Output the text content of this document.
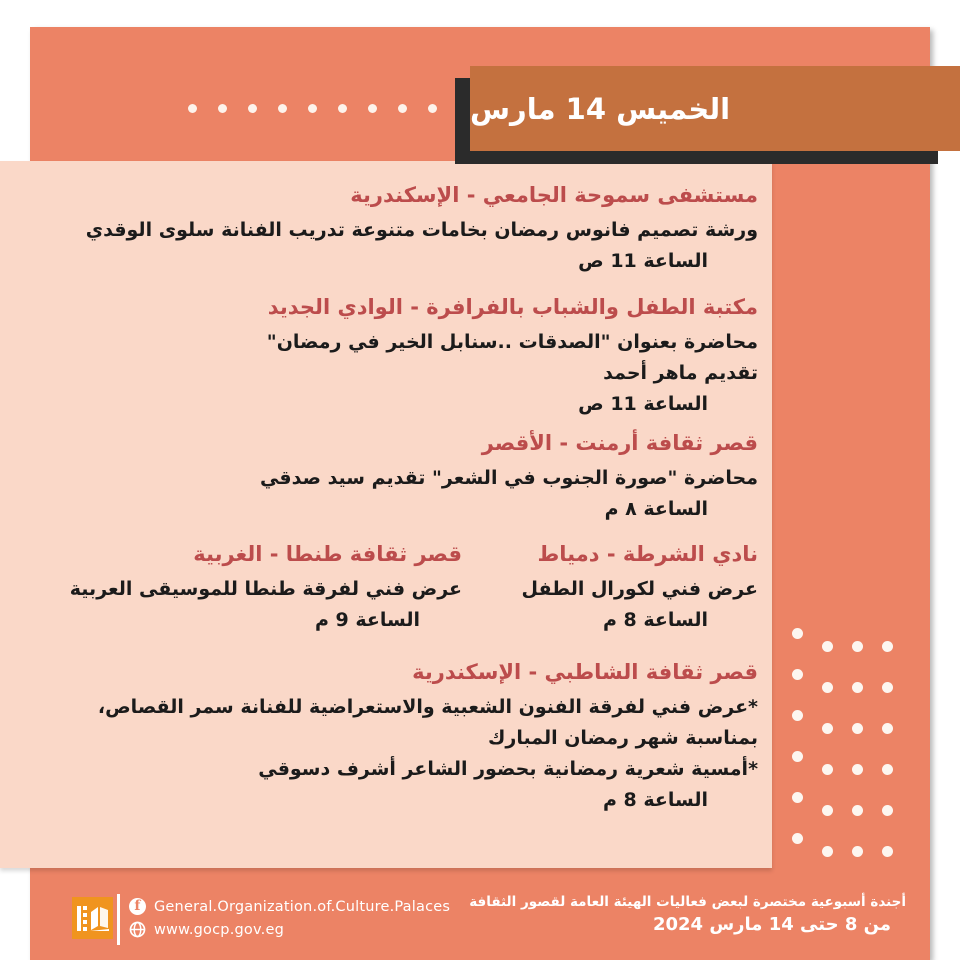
مستشفى سموحة الجامعي - الإسكندرية

ورشة تصميم فانوس رمضان بخامات متنوعة تدريب الفنانة سلوى الوقدي

الساعة 11 ص

مكتبة الطفل والشباب بالفرافرة - الوادي الجديد

محاضرة بعنوان "الصدقات ..سنابل الخير في رمضان"

تقديم ماهر أحمد

الساعة 11 ص

قصر ثقافة أرمنت - الأقصر

محاضرة "صورة الجنوب في الشعر" تقديم سيد صدقي

الساعة ٨ م

نادي الشرطة - دمياط

عرض فني لكورال الطفل

الساعة 8 م

قصر ثقافة طنطا - الغربية

عرض فني لفرقة طنطا للموسيقى العربية

الساعة 9 م

قصر ثقافة الشاطبي - الإسكندرية

*عرض فني لفرقة الفنون الشعبية والاستعراضية للفنانة سمر القصاص،

بمناسبة شهر رمضان المبارك

*أمسية شعرية رمضانية بحضور الشاعر أشرف دسوقي

الساعة 8 م

الخميس 14 مارس
f General.Organization.of.Culture.Palaces
www.gocp.gov.eg

أجندة أسبوعية مختصرة لبعض فعاليات الهيئة العامة لقصور الثقافة

من 8 حتى 14 مارس 2024
